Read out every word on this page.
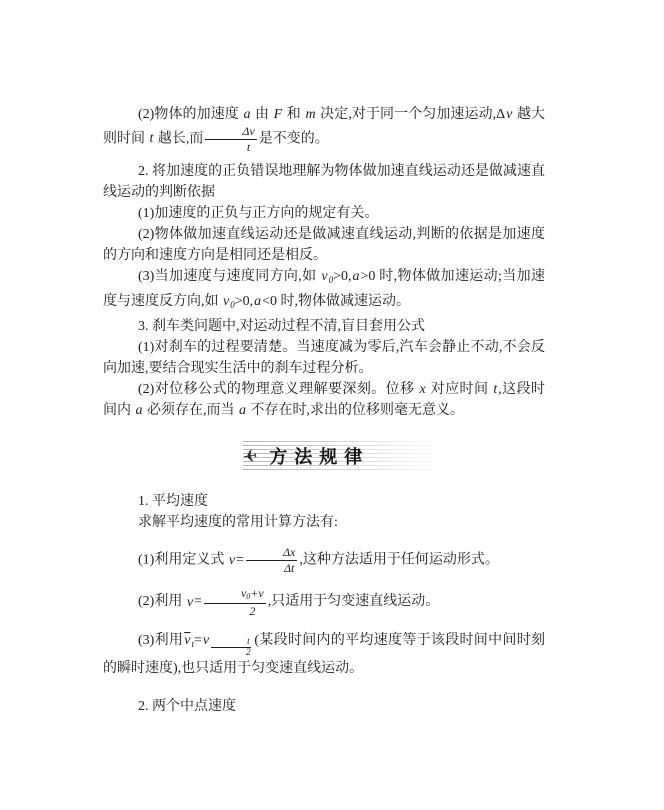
(2)物体的加速度 a 由 F 和 m 决定,对于同一个匀加速运动,Δv 越大则时间 t 越长,而 $\frac{\Delta v}{t}$ 是不变的。

2. 将加速度的正负错误地理解为物体做加速直线运动还是做减速直线运动的判断依据

(1)加速度的正负与正方向的规定有关。

(2)物体做加速直线运动还是做减速直线运动,判断的依据是加速度的方向和速度方向是相同还是相反。

(3)当加速度与速度同方向,如 $v_0>0,a>0$ 时,物体做加速运动;当加速度与速度反方向,如 $v_0>0,a<0$ 时,物体做减速运动。

3. 刹车类问题中,对运动过程不清,盲目套用公式

(1)对刹车的过程要清楚。当速度减为零后,汽车会静止不动,不会反向加速,要结合现实生活中的刹车过程分析。

(2)对位移公式的物理意义理解要深刻。位移 x 对应时间 t,这段时间内 a 必须存在,而当 a 不存在时,求出的位移则毫无意义。

✈ 方法规律

1. 平均速度

求解平均速度的常用计算方法有:

(1)利用定义式 $v= \frac{\Delta x}{\Delta t}$ ,这种方法适用于任何运动形式。

(2)利用 $v= \frac{v0+v}{2}$ ,只适用于匀变速直线运动。

(3)利用$\overline{v}_t=v \frac{t}{2}$ (某段时间内的平均速度等于该段时间中间时刻的瞬时速度),也只适用于匀变速直线运动。

2. 两个中点速度
